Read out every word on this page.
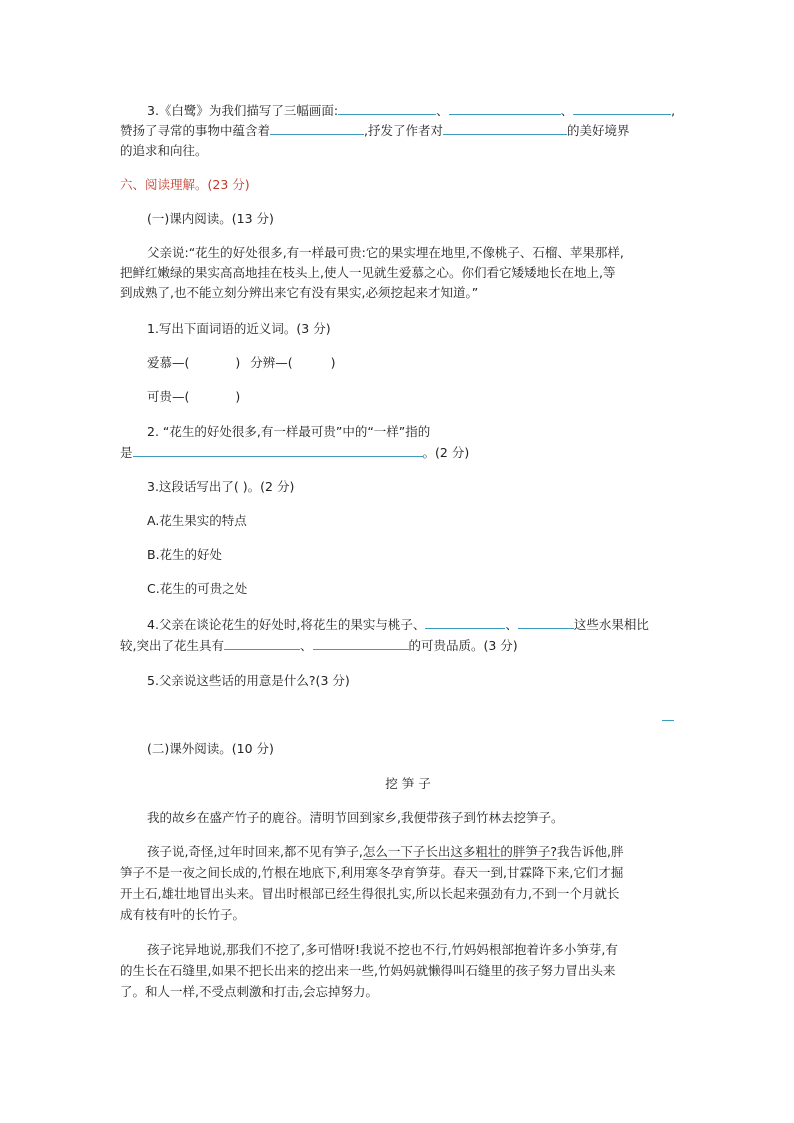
3.《白鹭》为我们描写了三幅画面:	、	、	,
赞扬了寻常的事物中蕴含着	,抒发了作者对	的美好境界
的追求和向往。
六、阅读理解。(23 分)
(一)课内阅读。(13 分)
父亲说:“花生的好处很多,有一样最可贵:它的果实埋在地里,不像桃子、石榴、苹果那样,
把鲜红嫩绿的果实高高地挂在枝头上,使人一见就生爱慕之心。你们看它矮矮地长在地上,等
到成熟了,也不能立刻分辨出来它有没有果实,必须挖起来才知道。”
1.写出下面词语的近义词。(3 分)
爱慕—(	) 分辨—(	)
可贵—(	)
2. “花生的好处很多,有一样最可贵”中的“一样”指的
是	。(2 分)
3.这段话写出了( )。(2 分)
A.花生果实的特点
B.花生的好处
C.花生的可贵之处
4.父亲在谈论花生的好处时,将花生的果实与桃子、	、	这些水果相比
较,突出了花生具有	、	的可贵品质。(3 分)
5.父亲说这些话的用意是什么?(3 分)
(二)课外阅读。(10 分)
挖 笋 子
我的故乡在盛产竹子的鹿谷。清明节回到家乡,我便带孩子到竹林去挖笋子。
孩子说,奇怪,过年时回来,都不见有笋子,怎么一下子长出这多粗壮的胖笋子?我告诉他,胖
笋子不是一夜之间长成的,竹根在地底下,利用寒冬孕育笋芽。春天一到,甘霖降下来,它们才掘
开土石,雄壮地冒出头来。冒出时根部已经生得很扎实,所以长起来强劲有力,不到一个月就长
成有枝有叶的长竹子。
孩子诧异地说,那我们不挖了,多可惜呀!我说不挖也不行,竹妈妈根部抱着许多小笋芽,有
的生长在石缝里,如果不把长出来的挖出来一些,竹妈妈就懒得叫石缝里的孩子努力冒出头来
了。和人一样,不受点刺激和打击,会忘掉努力。
